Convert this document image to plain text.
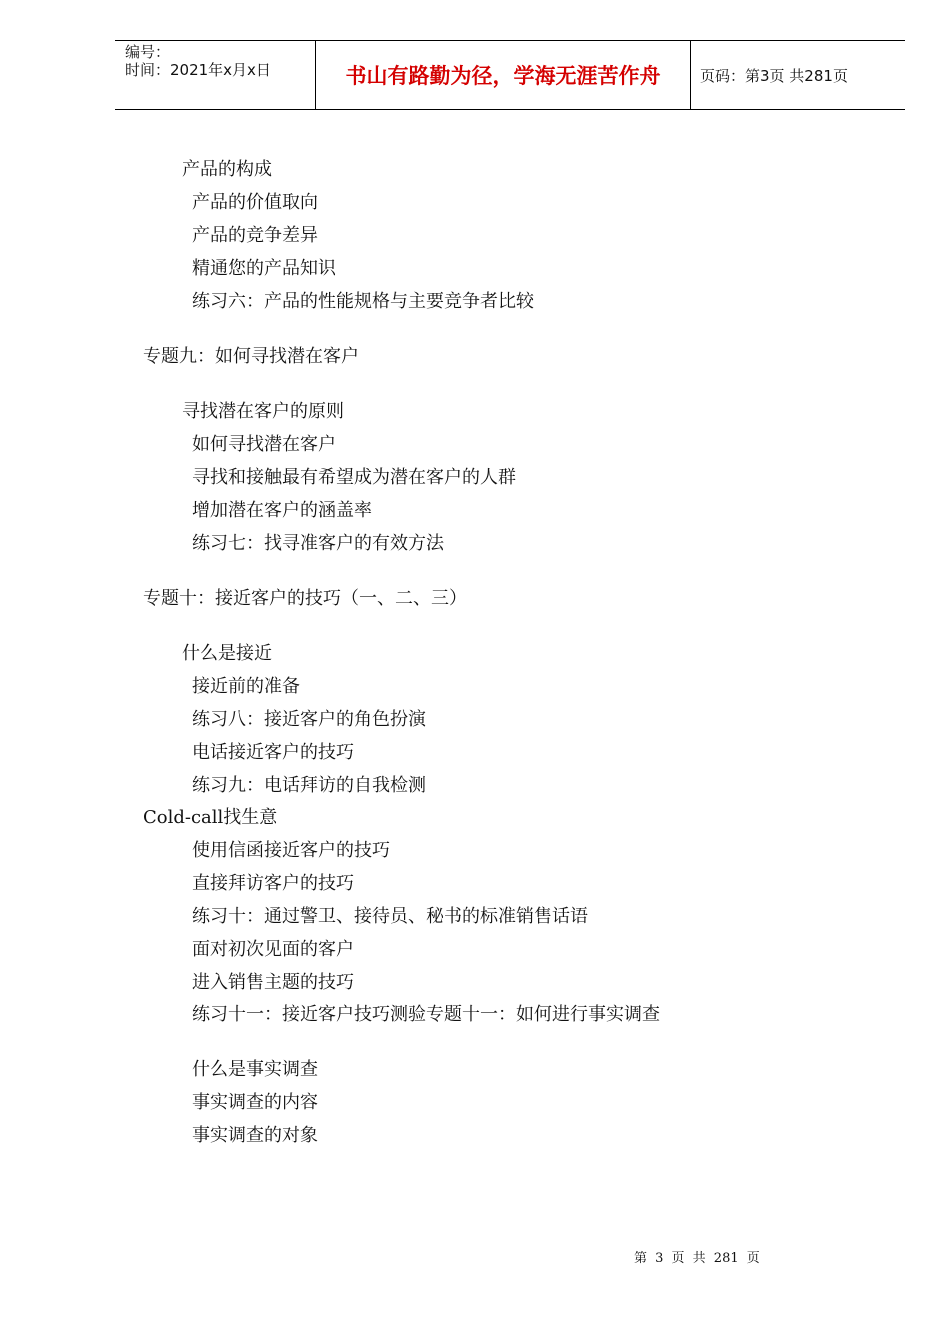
编号：
时间：2021年x月x日	书山有路勤为径，学海无涯苦作舟	页码：第3页 共281页
产品的构成
产品的价值取向
产品的竞争差异
精通您的产品知识
练习六：产品的性能规格与主要竞争者比较
专题九：如何寻找潜在客户
寻找潜在客户的原则
如何寻找潜在客户
寻找和接触最有希望成为潜在客户的人群
增加潜在客户的涵盖率
练习七：找寻准客户的有效方法
专题十：接近客户的技巧（一、二、三）
什么是接近
接近前的准备
练习八：接近客户的角色扮演
电话接近客户的技巧
练习九：电话拜访的自我检测
Cold-call找生意
使用信函接近客户的技巧
直接拜访客户的技巧
练习十：通过警卫、接待员、秘书的标准销售话语
面对初次见面的客户
进入销售主题的技巧
练习十一：接近客户技巧测验专题十一：如何进行事实调查
什么是事实调查
事实调查的内容
事实调查的对象
第 3 页 共 281 页
